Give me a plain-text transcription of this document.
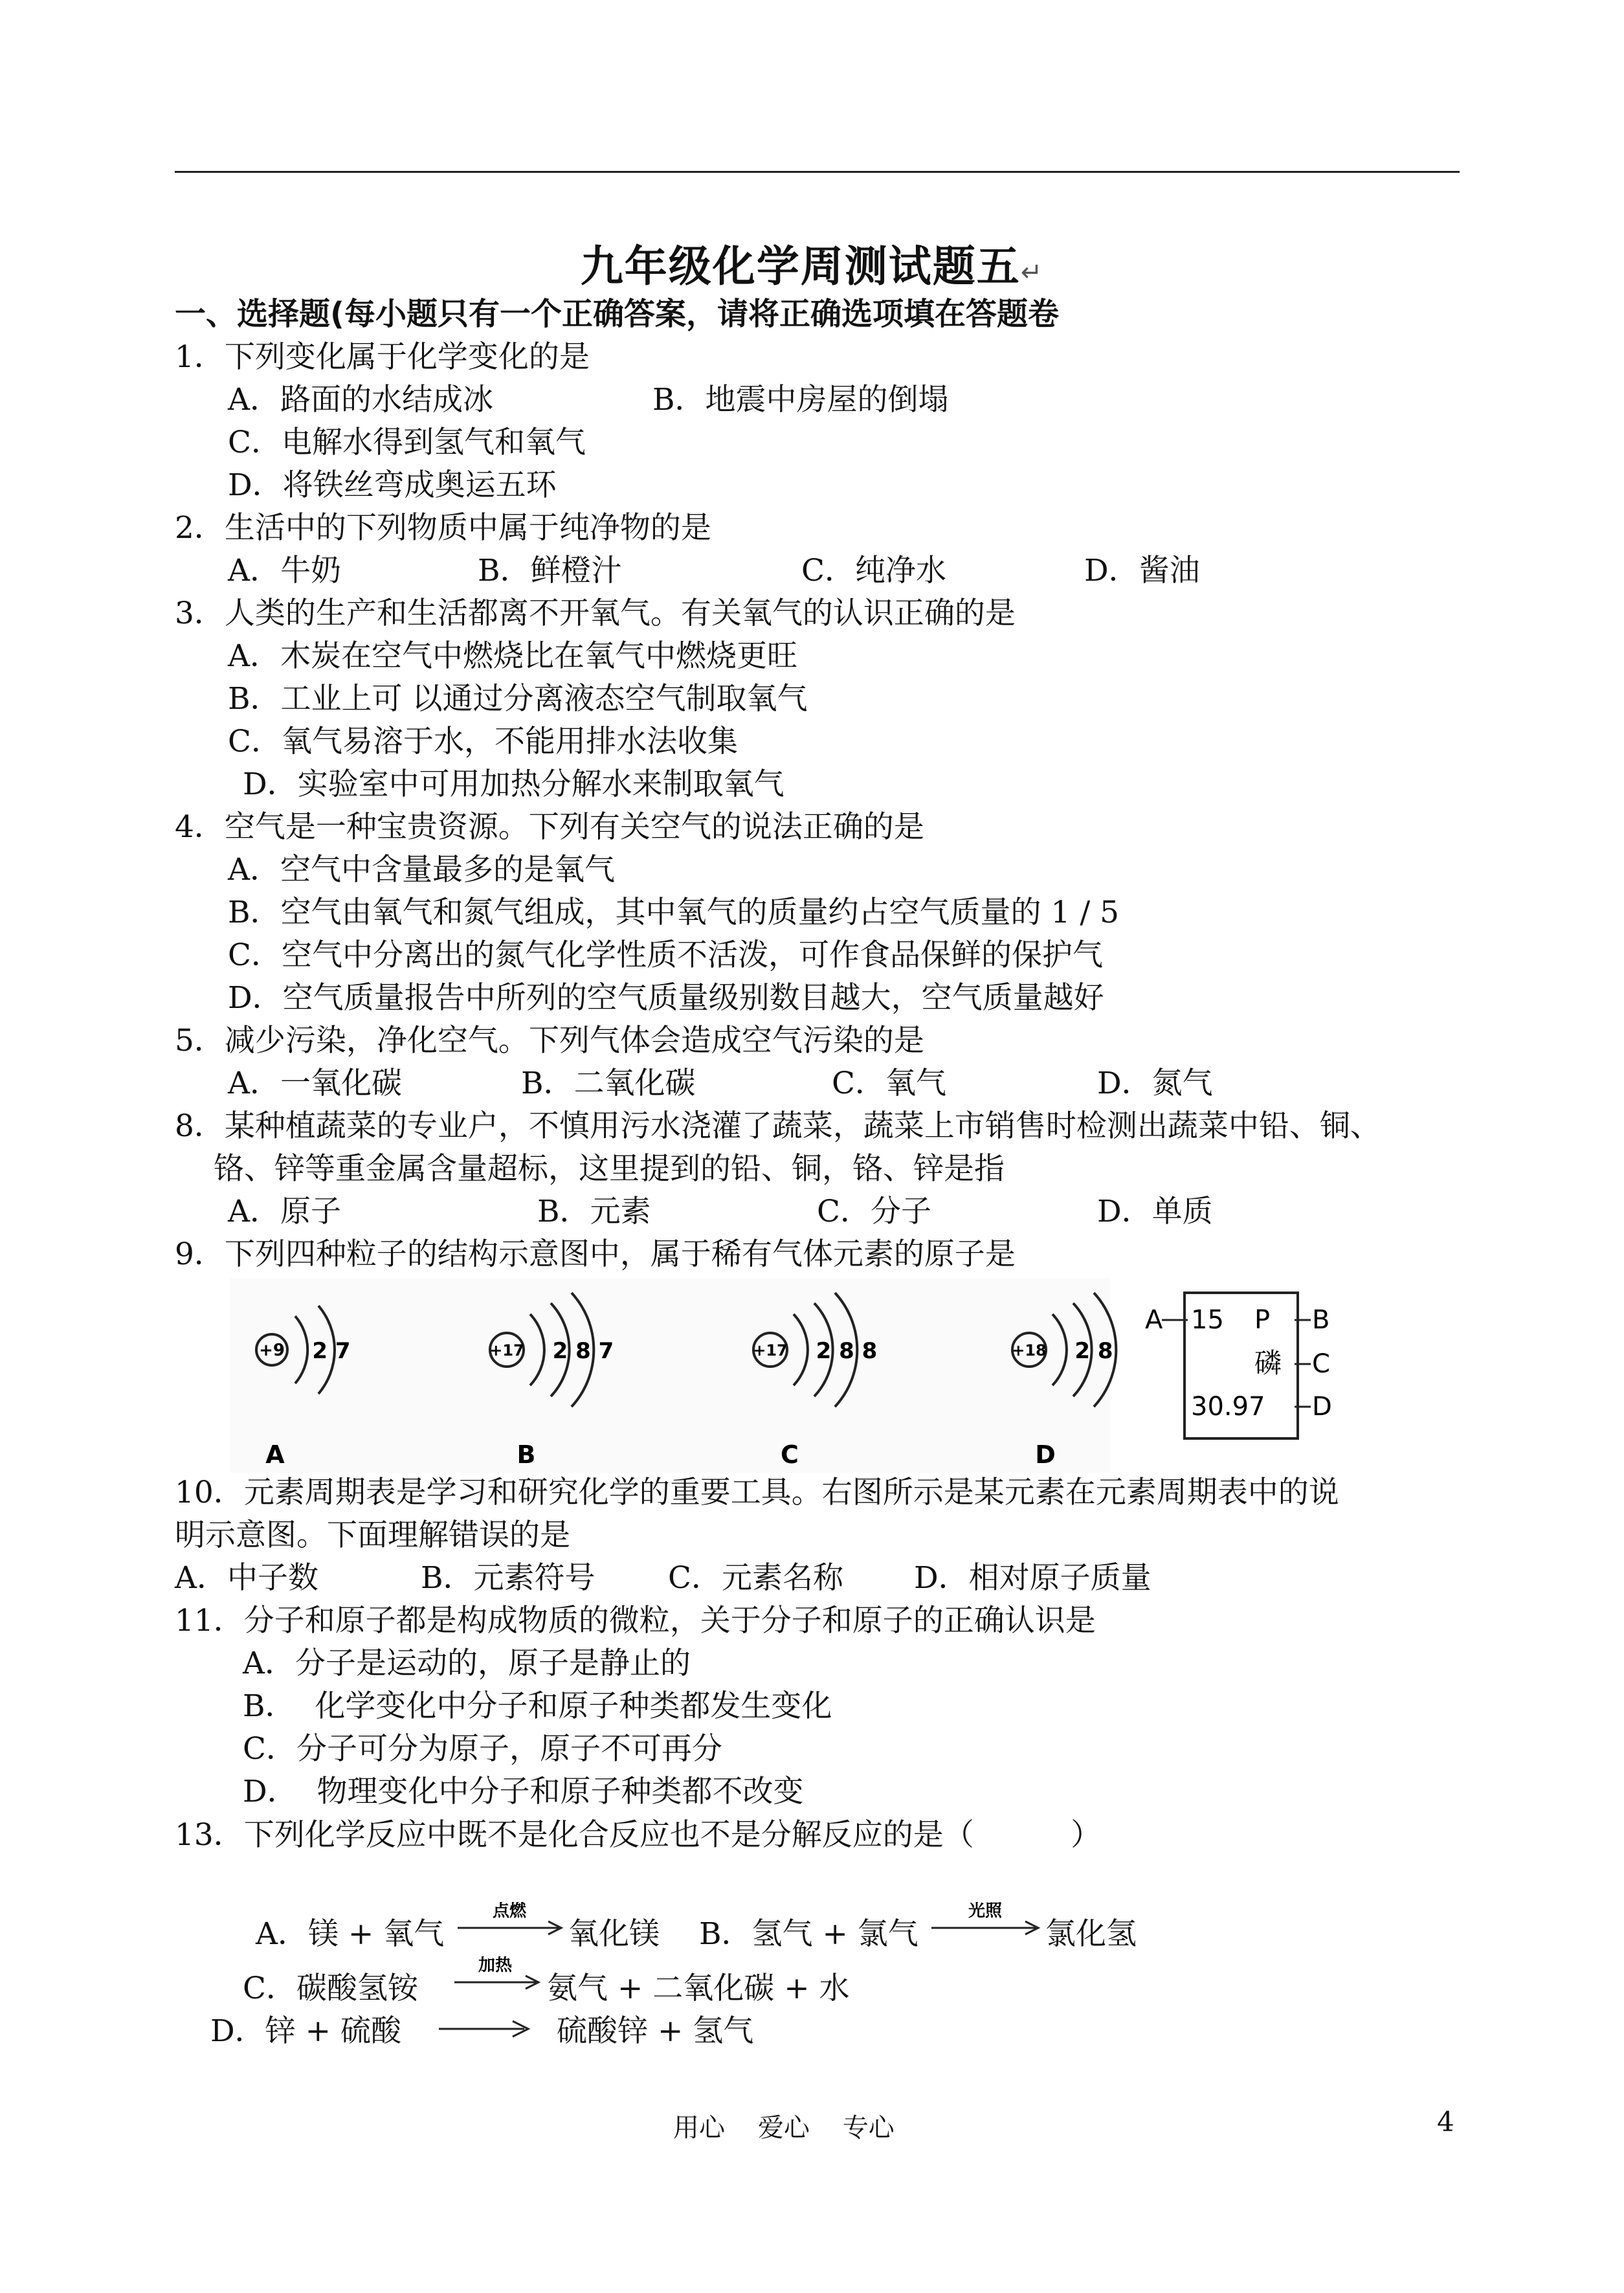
九年级化学周测试题五↵
一、选择题(每小题只有一个正确答案，请将正确选项填在答题卷
1．下列变化属于化学变化的是
A．路面的水结成冰	B．地震中房屋的倒塌
C．电解水得到氢气和氧气
D．将铁丝弯成奥运五环
2．生活中的下列物质中属于纯净物的是
A．牛奶	B．鲜橙汁	C．纯净水	D．酱油
3．人类的生产和生活都离不开氧气。有关氧气的认识正确的是
A．木炭在空气中燃烧比在氧气中燃烧更旺
B．工业上可 以通过分离液态空气制取氧气
C．氧气易溶于水，不能用排水法收集
D．实验室中可用加热分解水来制取氧气
4．空气是一种宝贵资源。下列有关空气的说法正确的是
A．空气中含量最多的是氧气
B．空气由氧气和氮气组成，其中氧气的质量约占空气质量的 1 / 5
C．空气中分离出的氮气化学性质不活泼，可作食品保鲜的保护气
D．空气质量报告中所列的空气质量级别数目越大，空气质量越好
5．减少污染，净化空气。下列气体会造成空气污染的是
A．一氧化碳	B．二氧化碳	C．氧气	D．氮气
8．某种植蔬菜的专业户，不慎用污水浇灌了蔬菜，蔬菜上市销售时检测出蔬菜中铅、铜、
铬、锌等重金属含量超标，这里提到的铅、铜，铬、锌是指
A．原子	B．元素	C．分子	D．单质
9．下列四种粒子的结构示意图中，属于稀有气体元素的原子是
+9 2 7
A
+17 2 8 7
B
+17 2 8 8
C
+18 2 8
D
A 15 P B
磷 C
30.97 D
10．元素周期表是学习和研究化学的重要工具。右图所示是某元素在元素周期表中的说
明示意图。下面理解错误的是
A．中子数	B．元素符号 C．元素名称 D．相对原子质量
11．分子和原子都是构成物质的微粒，关于分子和原子的正确认识是
A．分子是运动的，原子是静止的
B．  化学变化中分子和原子种类都发生变化
C．分子可分为原子，原子不可再分
D．  物理变化中分子和原子种类都不改变
13．下列化学反应中既不是化合反应也不是分解反应的是（          ）
A．镁 + 氧气
点燃
氧化镁 B．氢气 + 氯气
光照
氯化氢
C．碳酸氢铵
加热
氨气 + 二氧化碳 + 水
D．锌 + 硫酸	硫酸锌 + 氢气
用心    爱心    专心	4
